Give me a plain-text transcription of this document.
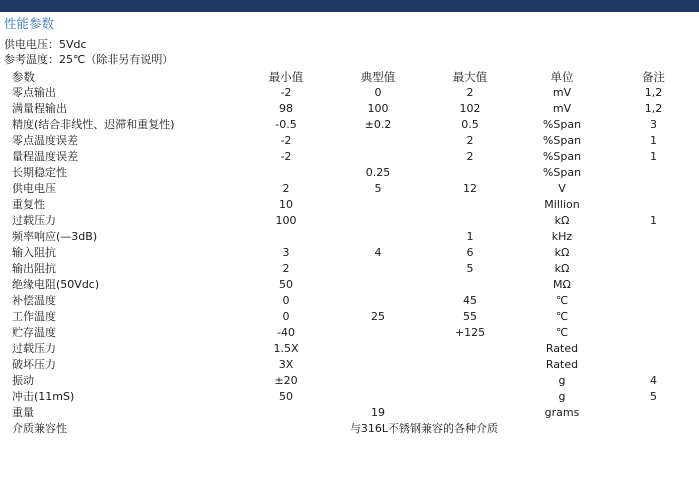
性能参数
供电电压：5Vdc
参考温度：25℃（除非另有说明）
参数	最小值	典型值	最大值	单位	备注
零点输出	-2	0	2	mV	1,2
满量程输出	98	100	102	mV	1,2
精度(结合非线性、迟滞和重复性)	-0.5	±0.2	0.5	%Span	3
零点温度误差	-2		2	%Span	1
量程温度误差	-2		2	%Span	1
长期稳定性		0.25		%Span	
供电电压	2	5	12	V	
重复性	10			Million	
过载压力	100			kΩ	1
频率响应(—3dB)			1	kHz	
输入阻抗	3	4	6	kΩ	
输出阻抗	2		5	kΩ	
绝缘电阻(50Vdc)	50			MΩ	
补偿温度	0		45	℃	
工作温度	0	25	55	℃	
贮存温度	-40		+125	℃	
过载压力	1.5X			Rated	
破坏压力	3X			Rated	
振动	±20			g	4
冲击(11mS)	50			g	5
重量		19		grams	
介质兼容性	与316L不锈钢兼容的各种介质				
